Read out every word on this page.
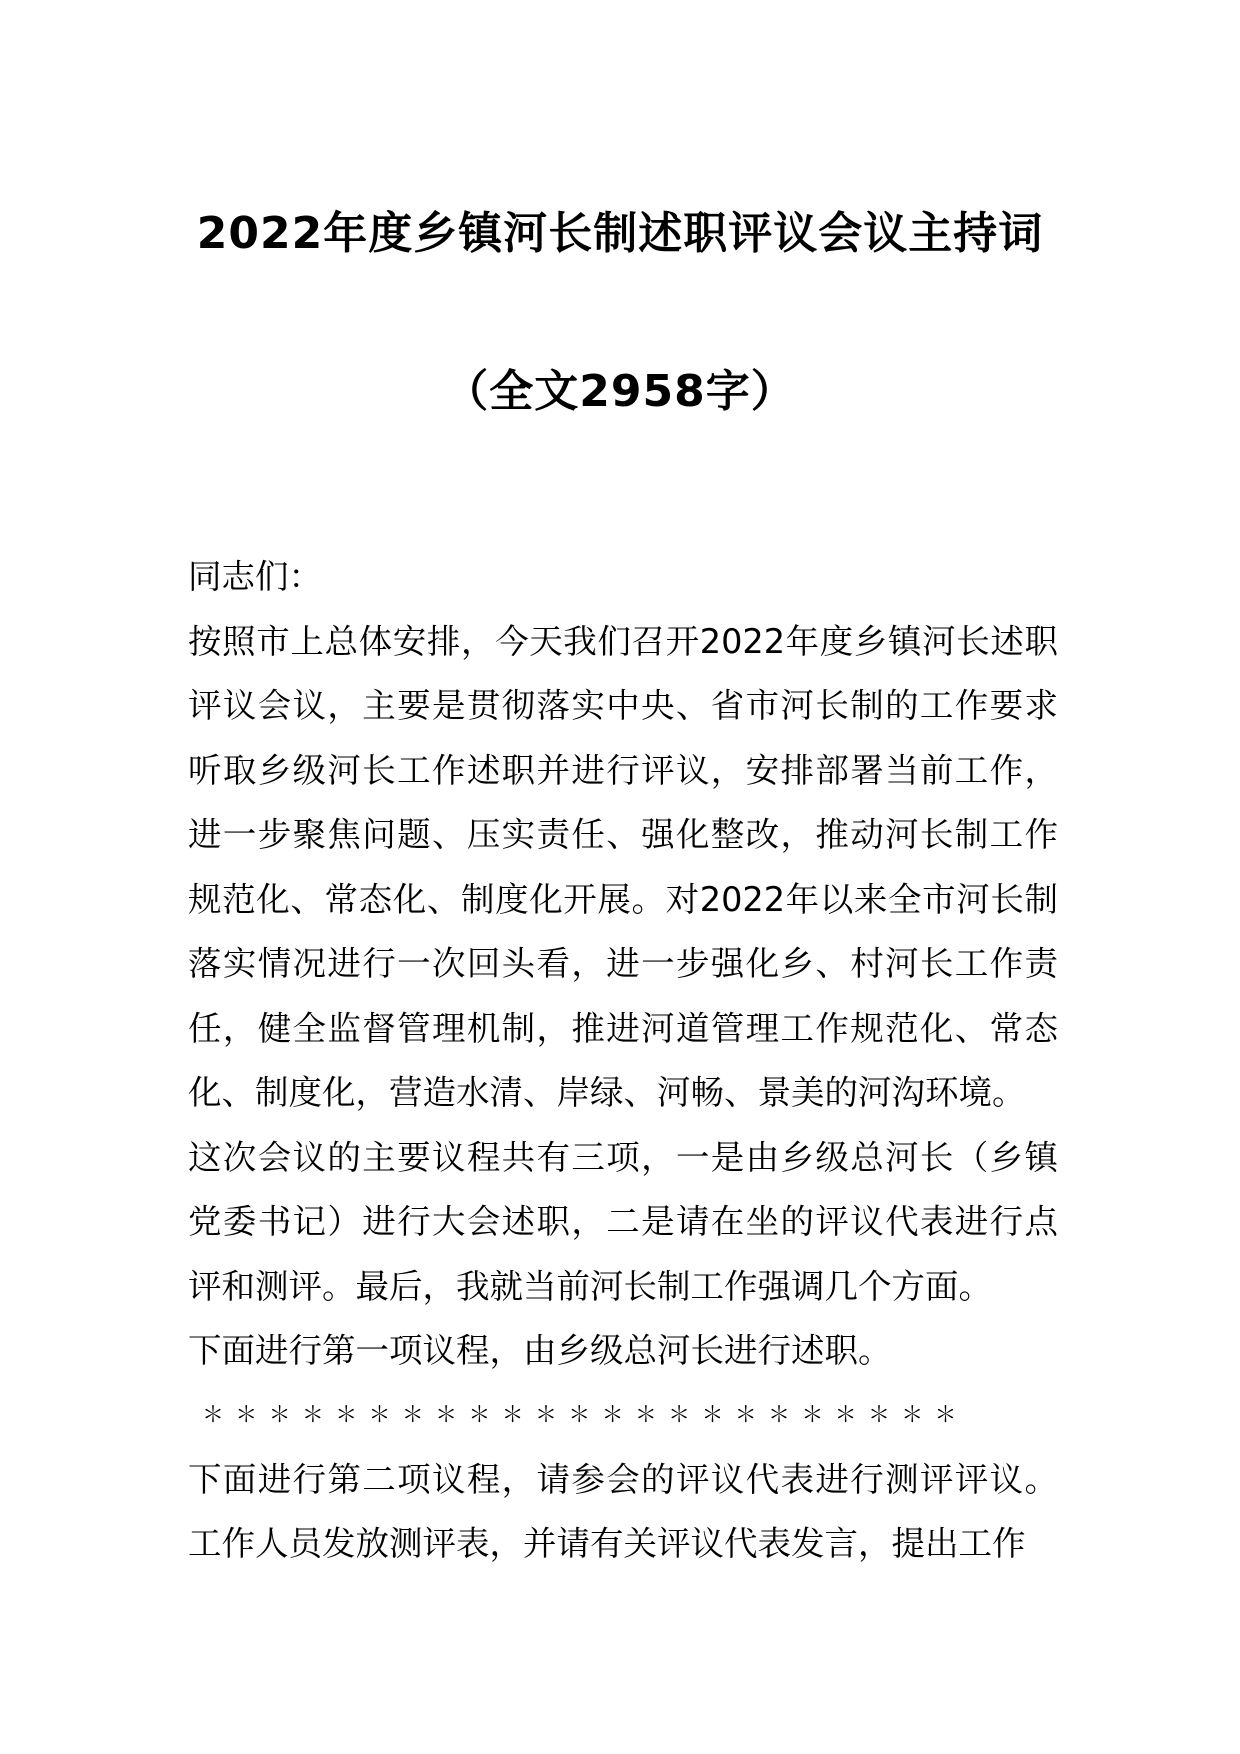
2022年度乡镇河长制述职评议会议主持词
（全文2958字）

同志们：

按照市上总体安排，今天我们召开2022年度乡镇河长述职评议会议，主要是贯彻落实中央、省市河长制的工作要求听取乡级河长工作述职并进行评议，安排部署当前工作，进一步聚焦问题、压实责任、强化整改，推动河长制工作规范化、常态化、制度化开展。对2022年以来全市河长制落实情况进行一次回头看，进一步强化乡、村河长工作责任，健全监督管理机制，推进河道管理工作规范化、常态化、制度化，营造水清、岸绿、河畅、景美的河沟环境。

这次会议的主要议程共有三项，一是由乡级总河长（乡镇党委书记）进行大会述职，二是请在坐的评议代表进行点评和测评。最后，我就当前河长制工作强调几个方面。

下面进行第一项议程，由乡级总河长进行述职。

＊ ＊ ＊ ＊ ＊ ＊ ＊ ＊ ＊ ＊ ＊ ＊ ＊ ＊ ＊ ＊ ＊ ＊ ＊ ＊ ＊ ＊ ＊

下面进行第二项议程，请参会的评议代表进行测评评议。工作人员发放测评表，并请有关评议代表发言，提出工作
